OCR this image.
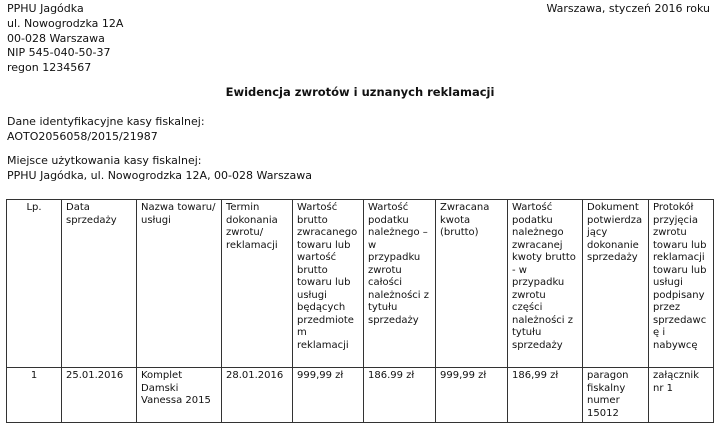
PPHU Jagódka
ul. Nowogrodzka 12A
00-028 Warszawa
NIP 545-040-50-37
regon 1234567
Warszawa, styczeń 2016 roku
Ewidencja zwrotów i uznanych reklamacji
Dane identyfikacyjne kasy fiskalnej:
AOTO2056058/2015/21987
Miejsce użytkowania kasy fiskalnej:
PPHU Jagódka, ul. Nowogrodzka 12A, 00-028 Warszawa
Lp.	Data sprzedaży	Nazwa towaru/ usługi	Termin dokonania zwrotu/ reklamacji	Wartość brutto zwracanego towaru lub wartość brutto towaru lub usługi będących przedmiotem reklamacji	Wartość podatku należnego – w przypadku zwrotu całości należności z tytułu sprzedaży	Zwracana kwota (brutto)	Wartość podatku należnego zwracanej kwoty brutto - w przypadku zwrotu części należności z tytułu sprzedaży	Dokument potwierdzający dokonanie sprzedaży	Protokół przyjęcia zwrotu towaru lub reklamacji towaru lub usługi podpisany przez sprzedawcę i nabywcę
1	25.01.2016	Komplet Damski Vanessa 2015	28.01.2016	999,99 zł	186.99 zł	999,99 zł	186,99 zł	paragon fiskalny numer 15012	załącznik nr 1
